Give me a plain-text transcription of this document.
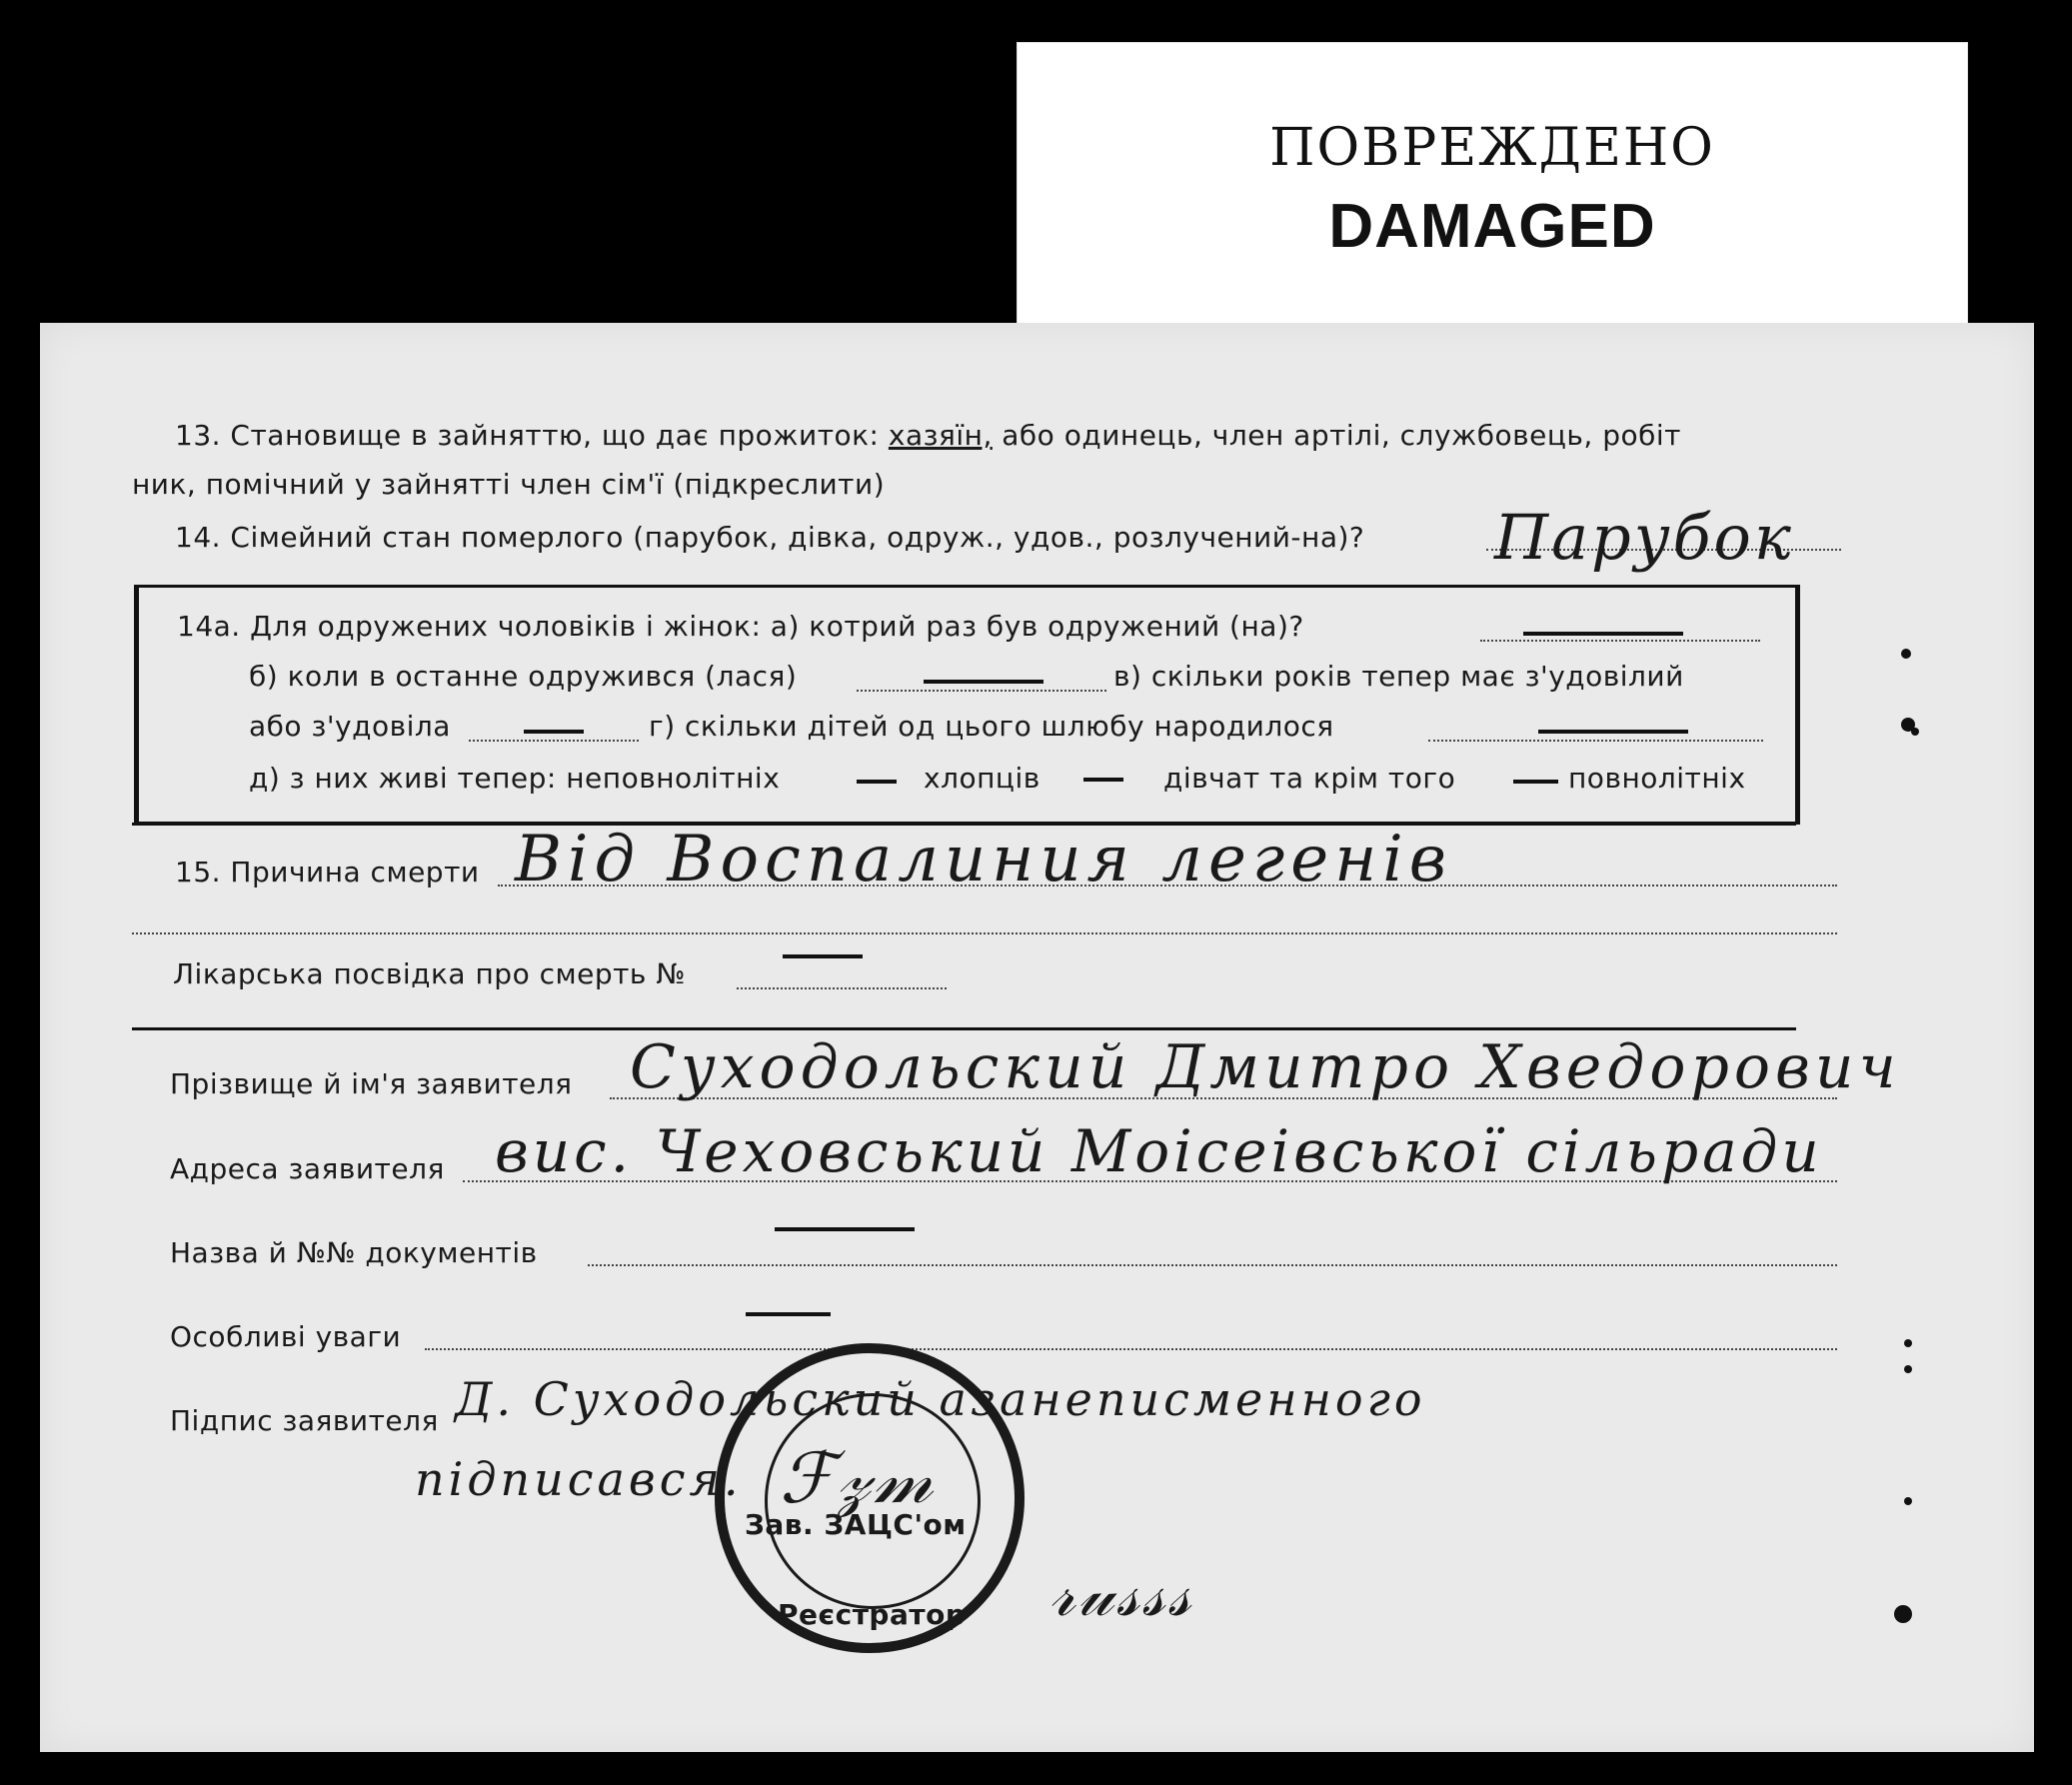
ПОВРЕЖДЕНО
DAMAGED
13. Становище в зайняттю, що дає прожиток: хазяїн, або одинець, член артілі, службовець, робіт
ник, помічний у зайнятті член сім'ї (підкреслити)
14. Сімейний стан померлого (парубок, дівка, одруж., удов., розлучений-на)? Парубок
14а. Для одружених чоловіків і жінок: а) котрий раз був одружений (на)?
б) коли в останне одружився (лася)	в) скільки років тепер має з'удовілий
або з'удовіла	г) скільки дітей од цього шлюбу народилося
д) з них живі тепер: неповнолітніх	хлопців	дівчат та крім того	повнолітніх
15. Причина смерти Від Воспалиния легенів
Лікарська посвідка про смерть №
Прізвище й ім'я заявителя Суходольский Дмитро Хведорович
Адреса заявителя вис. Чеховський Моісеівської сільради
Назва й №№ документів
Особливі уваги
Підпис заявителя Д. Суходольский азанеписменного
підписався.
Зав. ЗАЦС'ом
ℱ𝓏𝓂
Реєстратор 𝓇𝓊𝓈𝓈𝓈
